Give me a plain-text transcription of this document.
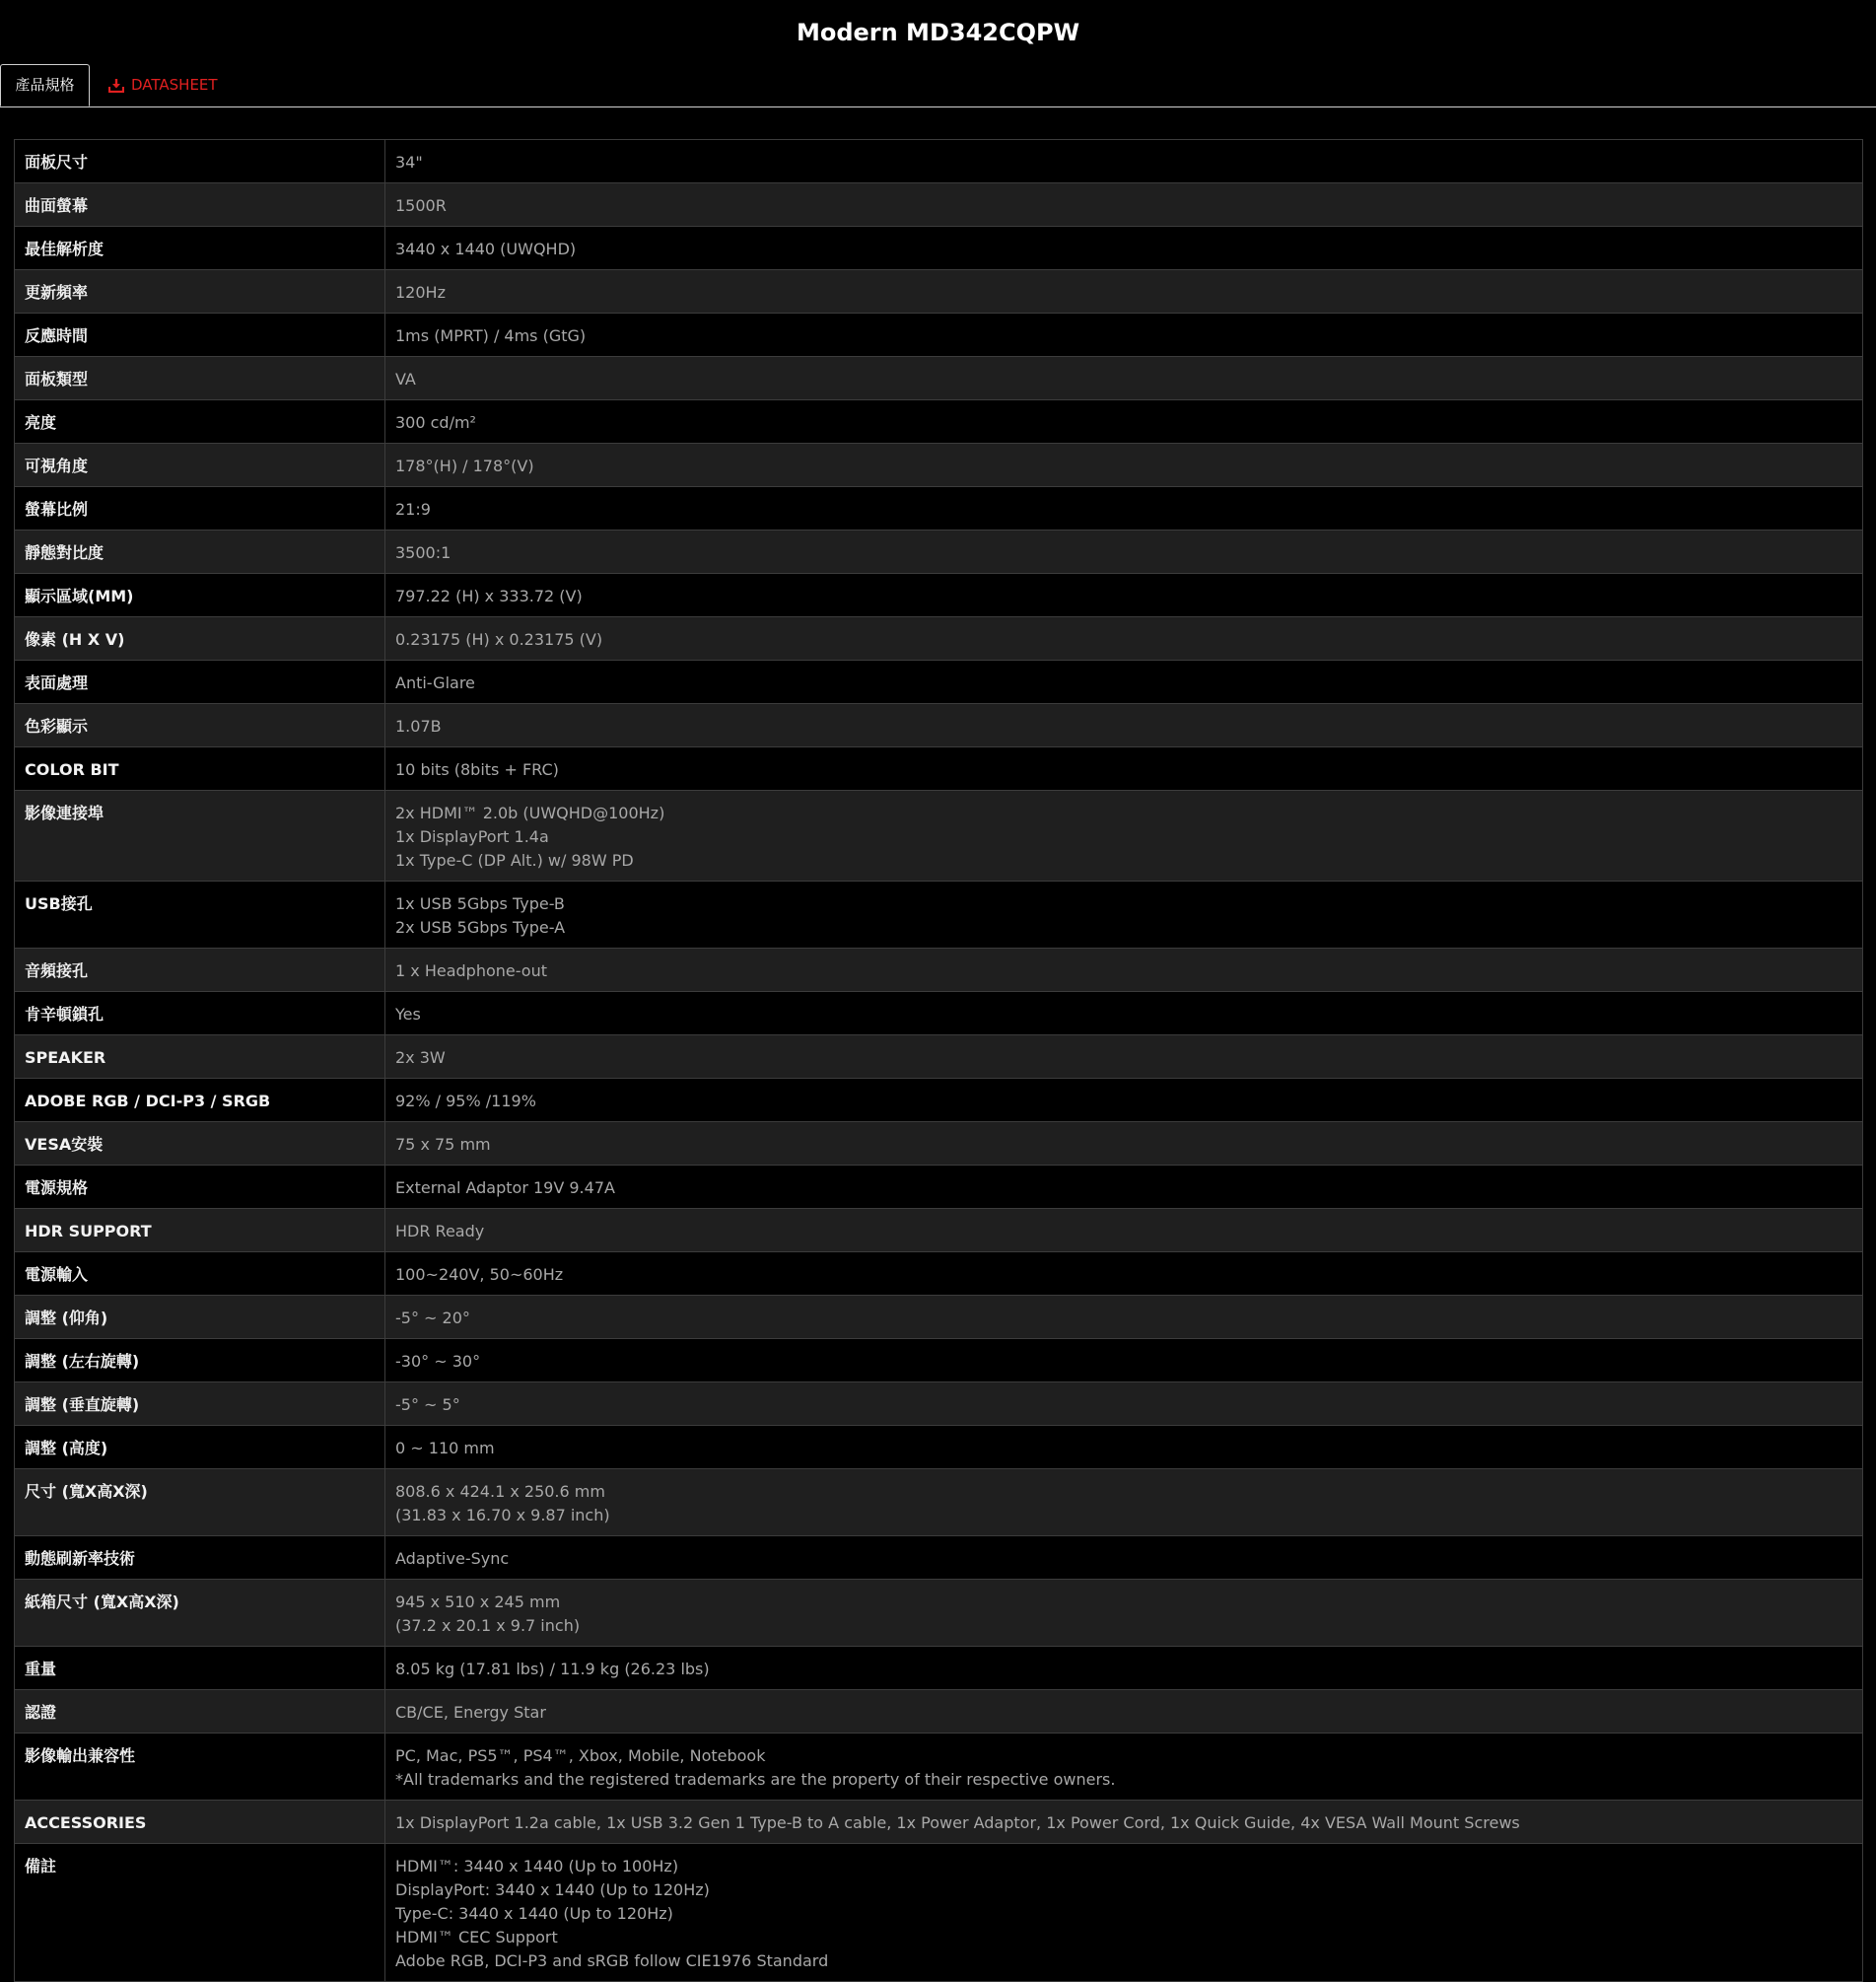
Modern MD342CQPW
產品規格	DATASHEET
面板尺寸	34"

曲面螢幕	1500R

最佳解析度	3440 x 1440 (UWQHD)

更新頻率	120Hz

反應時間	1ms (MPRT) / 4ms (GtG)

面板類型	VA

亮度	300 cd/m²

可視角度	178°(H) / 178°(V)

螢幕比例	21:9

靜態對比度	3500:1

顯示區域(MM)	797.22 (H) x 333.72 (V)

像素 (H X V)	0.23175 (H) x 0.23175 (V)

表面處理	Anti-Glare

色彩顯示	1.07B

COLOR BIT	10 bits (8bits + FRC)

影像連接埠	2x HDMI™ 2.0b (UWQHD@100Hz)
1x DisplayPort 1.4a
1x Type-C (DP Alt.) w/ 98W PD

USB接孔	1x USB 5Gbps Type-B
2x USB 5Gbps Type-A

音頻接孔	1 x Headphone-out

肯辛頓鎖孔	Yes

SPEAKER	2x 3W

ADOBE RGB / DCI-P3 / SRGB	92% / 95% /119%

VESA安裝	75 x 75 mm

電源規格	External Adaptor 19V 9.47A

HDR SUPPORT	HDR Ready

電源輸入	100~240V, 50~60Hz

調整 (仰角)	-5° ~ 20°

調整 (左右旋轉)	-30° ~ 30°

調整 (垂直旋轉)	-5° ~ 5°

調整 (高度)	0 ~ 110 mm

尺寸 (寬X高X深)	808.6 x 424.1 x 250.6 mm
(31.83 x 16.70 x 9.87 inch)

動態刷新率技術	Adaptive-Sync

紙箱尺寸 (寬X高X深)	945 x 510 x 245 mm
(37.2 x 20.1 x 9.7 inch)

重量	8.05 kg (17.81 lbs) / 11.9 kg (26.23 lbs)

認證	CB/CE, Energy Star

影像輸出兼容性	PC, Mac, PS5™, PS4™, Xbox, Mobile, Notebook
*All trademarks and the registered trademarks are the property of their respective owners.

ACCESSORIES	1x DisplayPort 1.2a cable, 1x USB 3.2 Gen 1 Type-B to A cable, 1x Power Adaptor, 1x Power Cord, 1x Quick Guide, 4x VESA Wall Mount Screws

備註	HDMI™: 3440 x 1440 (Up to 100Hz)
DisplayPort: 3440 x 1440 (Up to 120Hz)
Type-C: 3440 x 1440 (Up to 120Hz)
HDMI™ CEC Support
Adobe RGB, DCI-P3 and sRGB follow CIE1976 Standard
